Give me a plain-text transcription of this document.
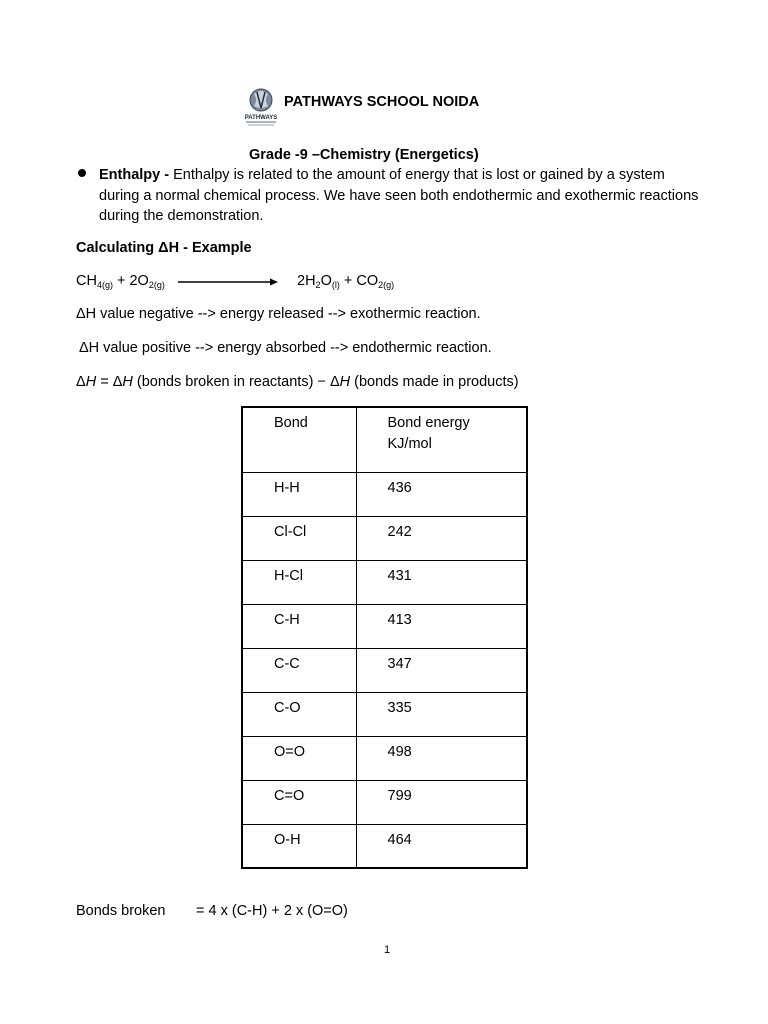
PATHWAYS
PATHWAYS SCHOOL NOIDA
Grade -9 –Chemistry (Energetics)
Enthalpy - Enthalpy is related to the amount of energy that is lost or gained by a system during a normal chemical process. We have seen both endothermic and exothermic reactions during the demonstration.
Calculating ΔH - Example
$CH_{4(g)} + 2O_{2(g)}$	$2H_2O_{(l)} + CO_{2(g)}$
ΔH value negative --> energy released --> exothermic reaction.
ΔH value positive --> energy absorbed --> endothermic reaction.
ΔH = ΔH (bonds broken in reactants) − ΔH (bonds made in products)
Bond	Bond energy
KJ/mol
H-H	436
Cl-Cl	242
H-Cl	431
C-H	413
C-C	347
C-O	335
O=O	498
C=O	799
O-H	464
Bonds broken = 4 x (C-H) + 2 x (O=O)
1
